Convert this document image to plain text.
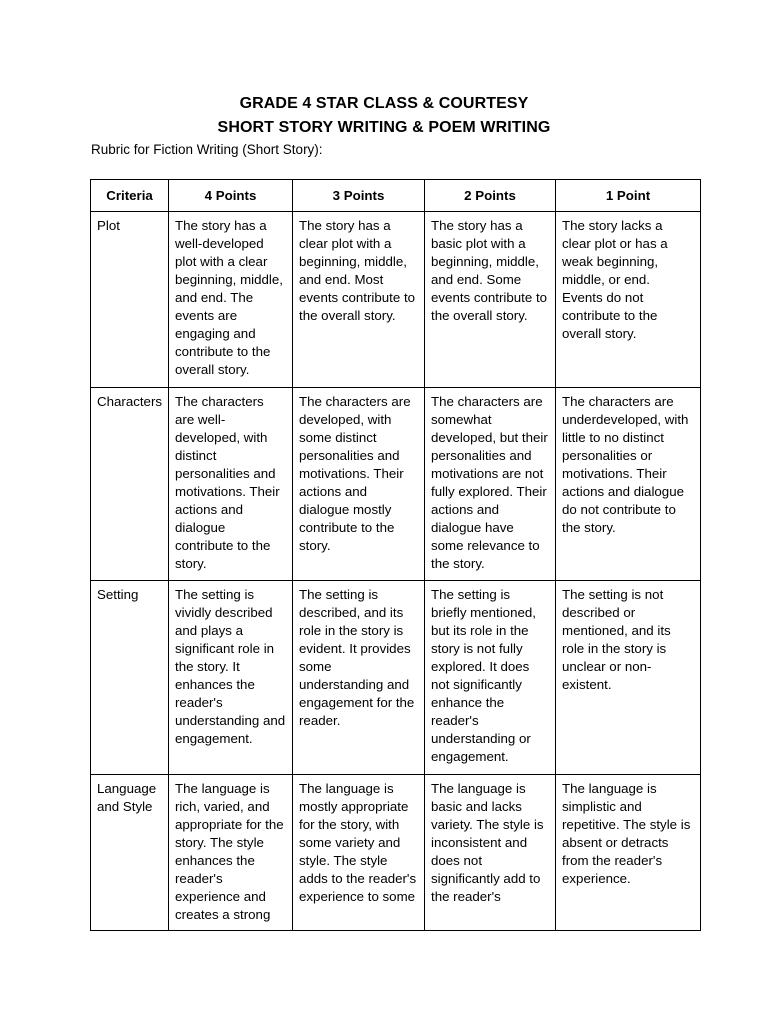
GRADE 4 STAR CLASS & COURTESY
SHORT STORY WRITING & POEM WRITING
Rubric for Fiction Writing (Short Story):
Criteria	4 Points	3 Points	2 Points	1 Point
Plot	The story has a well-developed plot with a clear beginning, middle, and end. The events are engaging and contribute to the overall story.	The story has a clear plot with a beginning, middle, and end. Most events contribute to the overall story.	The story has a basic plot with a beginning, middle, and end. Some events contribute to the overall story.	The story lacks a clear plot or has a weak beginning, middle, or end. Events do not contribute to the overall story.
Characters	The characters are well-developed, with distinct personalities and motivations. Their actions and dialogue contribute to the story.	The characters are developed, with some distinct personalities and motivations. Their actions and dialogue mostly contribute to the story.	The characters are somewhat developed, but their personalities and motivations are not fully explored. Their actions and dialogue have some relevance to the story.	The characters are underdeveloped, with little to no distinct personalities or motivations. Their actions and dialogue do not contribute to the story.
Setting	The setting is vividly described and plays a significant role in the story. It enhances the reader's understanding and engagement.	The setting is described, and its role in the story is evident. It provides some understanding and engagement for the reader.	The setting is briefly mentioned, but its role in the story is not fully explored. It does not significantly enhance the reader's understanding or engagement.	The setting is not described or mentioned, and its role in the story is unclear or non-existent.
Language and Style	The language is rich, varied, and appropriate for the story. The style enhances the reader's experience and creates a strong	The language is mostly appropriate for the story, with some variety and style. The style adds to the reader's experience to some	The language is basic and lacks variety. The style is inconsistent and does not significantly add to the reader's	The language is simplistic and repetitive. The style is absent or detracts from the reader's experience.
